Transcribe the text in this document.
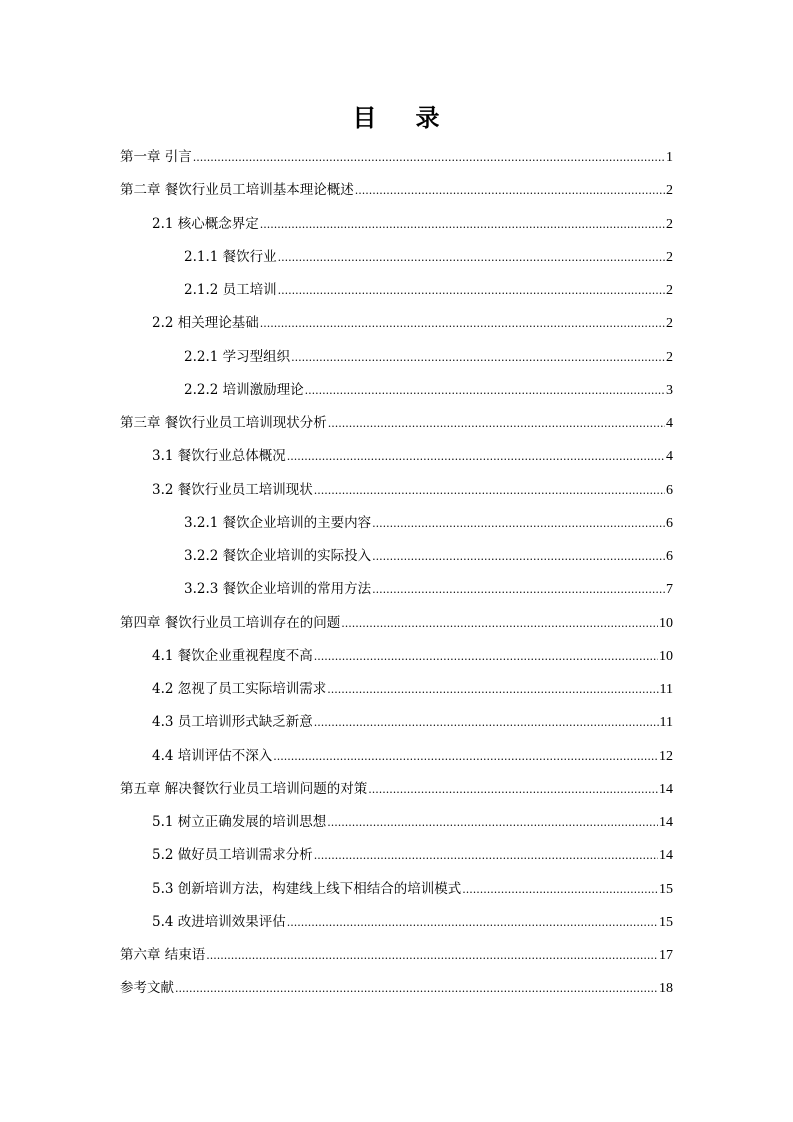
目 录
第一章 引言 .....	1
第二章 餐饮行业员工培训基本理论概述 .....	2
2.1 核心概念界定 .....	2
2.1.1 餐饮行业 .....	2
2.1.2 员工培训 .....	2
2.2 相关理论基础 .....	2
2.2.1 学习型组织 .....	2
2.2.2 培训激励理论 .....	3
第三章 餐饮行业员工培训现状分析 .....	4
3.1 餐饮行业总体概况 .....	4
3.2 餐饮行业员工培训现状 .....	6
3.2.1 餐饮企业培训的主要内容 .....	6
3.2.2 餐饮企业培训的实际投入 .....	6
3.2.3 餐饮企业培训的常用方法 .....	7
第四章 餐饮行业员工培训存在的问题 .....	10
4.1 餐饮企业重视程度不高 .....	10
4.2 忽视了员工实际培训需求 .....	11
4.3 员工培训形式缺乏新意 .....	11
4.4 培训评估不深入 .....	12
第五章 解决餐饮行业员工培训问题的对策 .....	14
5.1 树立正确发展的培训思想 .....	14
5.2 做好员工培训需求分析 .....	14
5.3 创新培训方法，构建线上线下相结合的培训模式 .....	15
5.4 改进培训效果评估 .....	15
第六章 结束语 .....	17
参考文献 .....	18
